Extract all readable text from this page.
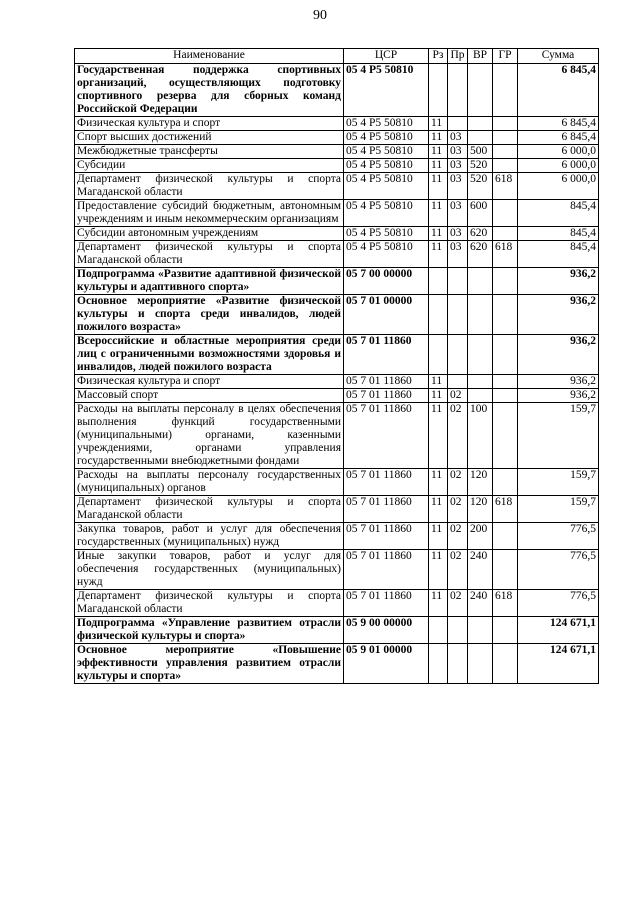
90
Наименование	ЦСР	Рз	Пр	ВР	ГР	Сумма
Государственная поддержка спортивных организаций, осуществляющих подготовку спортивного резерва для сборных команд Российской Федерации	05 4 Р5 50810					6 845,4
Физическая культура и спорт	05 4 Р5 50810	11				6 845,4
Спорт высших достижений	05 4 Р5 50810	11	03			6 845,4
Межбюджетные трансферты	05 4 Р5 50810	11	03	500		6 000,0
Субсидии	05 4 Р5 50810	11	03	520		6 000,0
Департамент физической культуры и спорта Магаданской области	05 4 Р5 50810	11	03	520	618	6 000,0
Предоставление субсидий бюджетным, автономным учреждениям и иным некоммерческим организациям	05 4 Р5 50810	11	03	600		845,4
Субсидии автономным учреждениям	05 4 Р5 50810	11	03	620		845,4
Департамент физической культуры и спорта Магаданской области	05 4 Р5 50810	11	03	620	618	845,4
Подпрограмма «Развитие адаптивной физической культуры и адаптивного спорта»	05 7 00 00000					936,2
Основное мероприятие «Развитие физической культуры и спорта среди инвалидов, людей пожилого возраста»	05 7 01 00000					936,2
Всероссийские и областные мероприятия среди лиц с ограниченными возможностями здоровья и инвалидов, людей пожилого возраста	05 7 01 11860					936,2
Физическая культура и спорт	05 7 01 11860	11				936,2
Массовый спорт	05 7 01 11860	11	02			936,2
Расходы на выплаты персоналу в целях обеспечения выполнения функций государственными (муниципальными) органами, казенными учреждениями, органами управления государственными внебюджетными фондами	05 7 01 11860	11	02	100		159,7
Расходы на выплаты персоналу государственных (муниципальных) органов	05 7 01 11860	11	02	120		159,7
Департамент физической культуры и спорта Магаданской области	05 7 01 11860	11	02	120	618	159,7
Закупка товаров, работ и услуг для обеспечения государственных (муниципальных) нужд	05 7 01 11860	11	02	200		776,5
Иные закупки товаров, работ и услуг для обеспечения государственных (муниципальных) нужд	05 7 01 11860	11	02	240		776,5
Департамент физической культуры и спорта Магаданской области	05 7 01 11860	11	02	240	618	776,5
Подпрограмма «Управление развитием отрасли физической культуры и спорта»	05 9 00 00000					124 671,1
Основное мероприятие «Повышение эффективности управления развитием отрасли культуры и спорта»	05 9 01 00000					124 671,1
